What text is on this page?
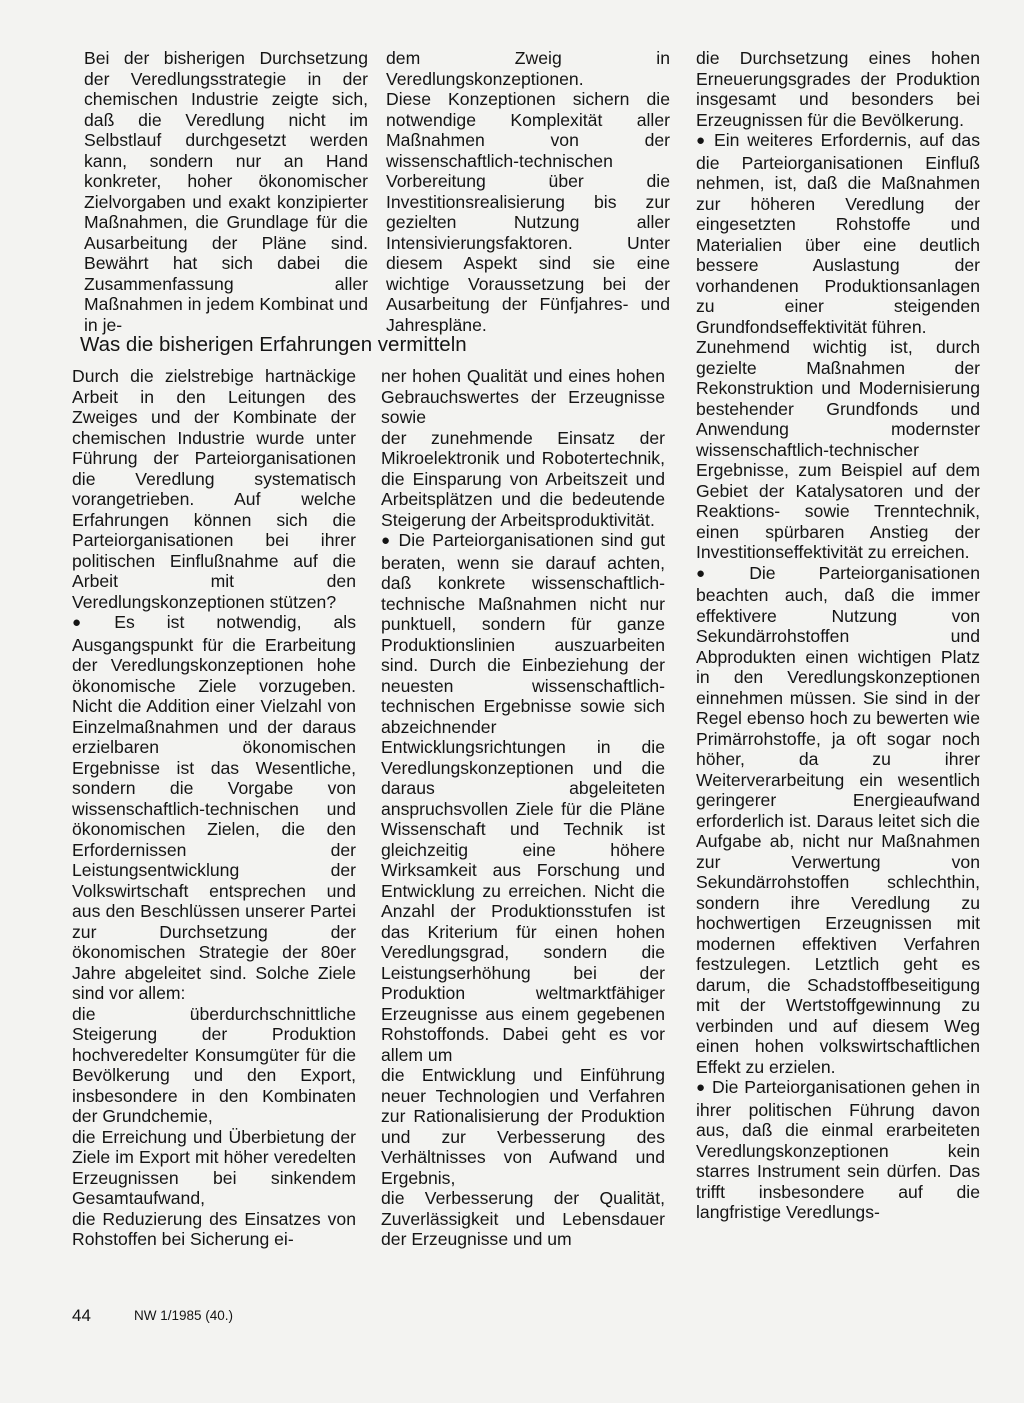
Bei der bisherigen Durchsetzung der Veredlungsstrategie in der chemischen Industrie zeigte sich, daß die Veredlung nicht im Selbstlauf durchgesetzt werden kann, sondern nur an Hand konkreter, hoher ökonomischer Zielvorgaben und exakt konzipierter Maßnahmen, die Grundlage für die Ausarbeitung der Pläne sind. Bewährt hat sich dabei die Zusammenfassung aller Maßnahmen in jedem Kombinat und in je-

dem Zweig in Veredlungskonzeptionen.

Diese Konzeptionen sichern die notwendige Komplexität aller Maßnahmen von der wissenschaftlich-technischen Vorbereitung über die Investitionsrealisierung bis zur gezielten Nutzung aller Intensivierungsfaktoren. Unter diesem Aspekt sind sie eine wichtige Voraussetzung bei der Ausarbeitung der Fünfjahres- und Jahrespläne.

Was die bisherigen Erfahrungen vermitteln

Durch die zielstrebige hartnäckige Arbeit in den Leitungen des Zweiges und der Kombinate der chemischen Industrie wurde unter Führung der Parteiorganisationen die Veredlung systematisch vorangetrieben. Auf welche Erfahrungen können sich die Parteiorganisationen bei ihrer politischen Einflußnahme auf die Arbeit mit den Veredlungskonzeptionen stützen?

● Es ist notwendig, als Ausgangspunkt für die Erarbeitung der Veredlungskonzeptionen hohe ökonomische Ziele vorzugeben. Nicht die Addition einer Vielzahl von Einzelmaßnahmen und der daraus erzielbaren ökonomischen Ergebnisse ist das Wesentliche, sondern die Vorgabe von wissenschaftlich-technischen und ökonomischen Zielen, die den Erfordernissen der Leistungsentwicklung der Volkswirtschaft entsprechen und aus den Beschlüssen unserer Partei zur Durchsetzung der ökonomischen Strategie der 80er Jahre abgeleitet sind. Solche Ziele sind vor allem:

die überdurchschnittliche Steigerung der Produktion hochveredelter Konsumgüter für die Bevölkerung und den Export, insbesondere in den Kombinaten der Grundchemie,

die Erreichung und Überbietung der Ziele im Export mit höher veredelten Erzeugnissen bei sinkendem Gesamtaufwand,

die Reduzierung des Einsatzes von Rohstoffen bei Sicherung ei-

ner hohen Qualität und eines hohen Gebrauchswertes der Erzeugnisse sowie

der zunehmende Einsatz der Mikroelektronik und Robotertechnik, die Einsparung von Arbeitszeit und Arbeitsplätzen und die bedeutende Steigerung der Arbeitsproduktivität.

● Die Parteiorganisationen sind gut beraten, wenn sie darauf achten, daß konkrete wissenschaftlich-technische Maßnahmen nicht nur punktuell, sondern für ganze Produktionslinien auszuarbeiten sind. Durch die Einbeziehung der neuesten wissenschaftlich-technischen Ergebnisse sowie sich abzeichnender Entwicklungsrichtungen in die Veredlungskonzeptionen und die daraus abgeleiteten anspruchsvollen Ziele für die Pläne Wissenschaft und Technik ist gleichzeitig eine höhere Wirksamkeit aus Forschung und Entwicklung zu erreichen. Nicht die Anzahl der Produktionsstufen ist das Kriterium für einen hohen Veredlungsgrad, sondern die Leistungserhöhung bei der Produktion weltmarktfähiger Erzeugnisse aus einem gegebenen Rohstoffonds. Dabei geht es vor allem um

die Entwicklung und Einführung neuer Technologien und Verfahren zur Rationalisierung der Produktion und zur Verbesserung des Verhältnisses von Aufwand und Ergebnis,

die Verbesserung der Qualität, Zuverlässigkeit und Lebensdauer der Erzeugnisse und um

die Durchsetzung eines hohen Erneuerungsgrades der Produktion insgesamt und besonders bei Erzeugnissen für die Bevölkerung.

● Ein weiteres Erfordernis, auf das die Parteiorganisationen Einfluß nehmen, ist, daß die Maßnahmen zur höheren Veredlung der eingesetzten Rohstoffe und Materialien über eine deutlich bessere Auslastung der vorhandenen Produktionsanlagen zu einer steigenden Grundfondseffektivität führen.

Zunehmend wichtig ist, durch gezielte Maßnahmen der Rekonstruktion und Modernisierung bestehender Grundfonds und Anwendung modernster wissenschaftlich-technischer Ergebnisse, zum Beispiel auf dem Gebiet der Katalysatoren und der Reaktions- sowie Trenntechnik, einen spürbaren Anstieg der Investitionseffektivität zu erreichen.

● Die Parteiorganisationen beachten auch, daß die immer effektivere Nutzung von Sekundärrohstoffen und Abprodukten einen wichtigen Platz in den Veredlungskonzeptionen einnehmen müssen. Sie sind in der Regel ebenso hoch zu bewerten wie Primärrohstoffe, ja oft sogar noch höher, da zu ihrer Weiterverarbeitung ein wesentlich geringerer Energieaufwand erforderlich ist. Daraus leitet sich die Aufgabe ab, nicht nur Maßnahmen zur Verwertung von Sekundärrohstoffen schlechthin, sondern ihre Veredlung zu hochwertigen Erzeugnissen mit modernen effektiven Verfahren festzulegen. Letztlich geht es darum, die Schadstoffbeseitigung mit der Wertstoffgewinnung zu verbinden und auf diesem Weg einen hohen volkswirtschaftlichen Effekt zu erzielen.

● Die Parteiorganisationen gehen in ihrer politischen Führung davon aus, daß die einmal erarbeiteten Veredlungskonzeptionen kein starres Instrument sein dürfen. Das trifft insbesondere auf die langfristige Veredlungs-

44	NW 1/1985 (40.)
